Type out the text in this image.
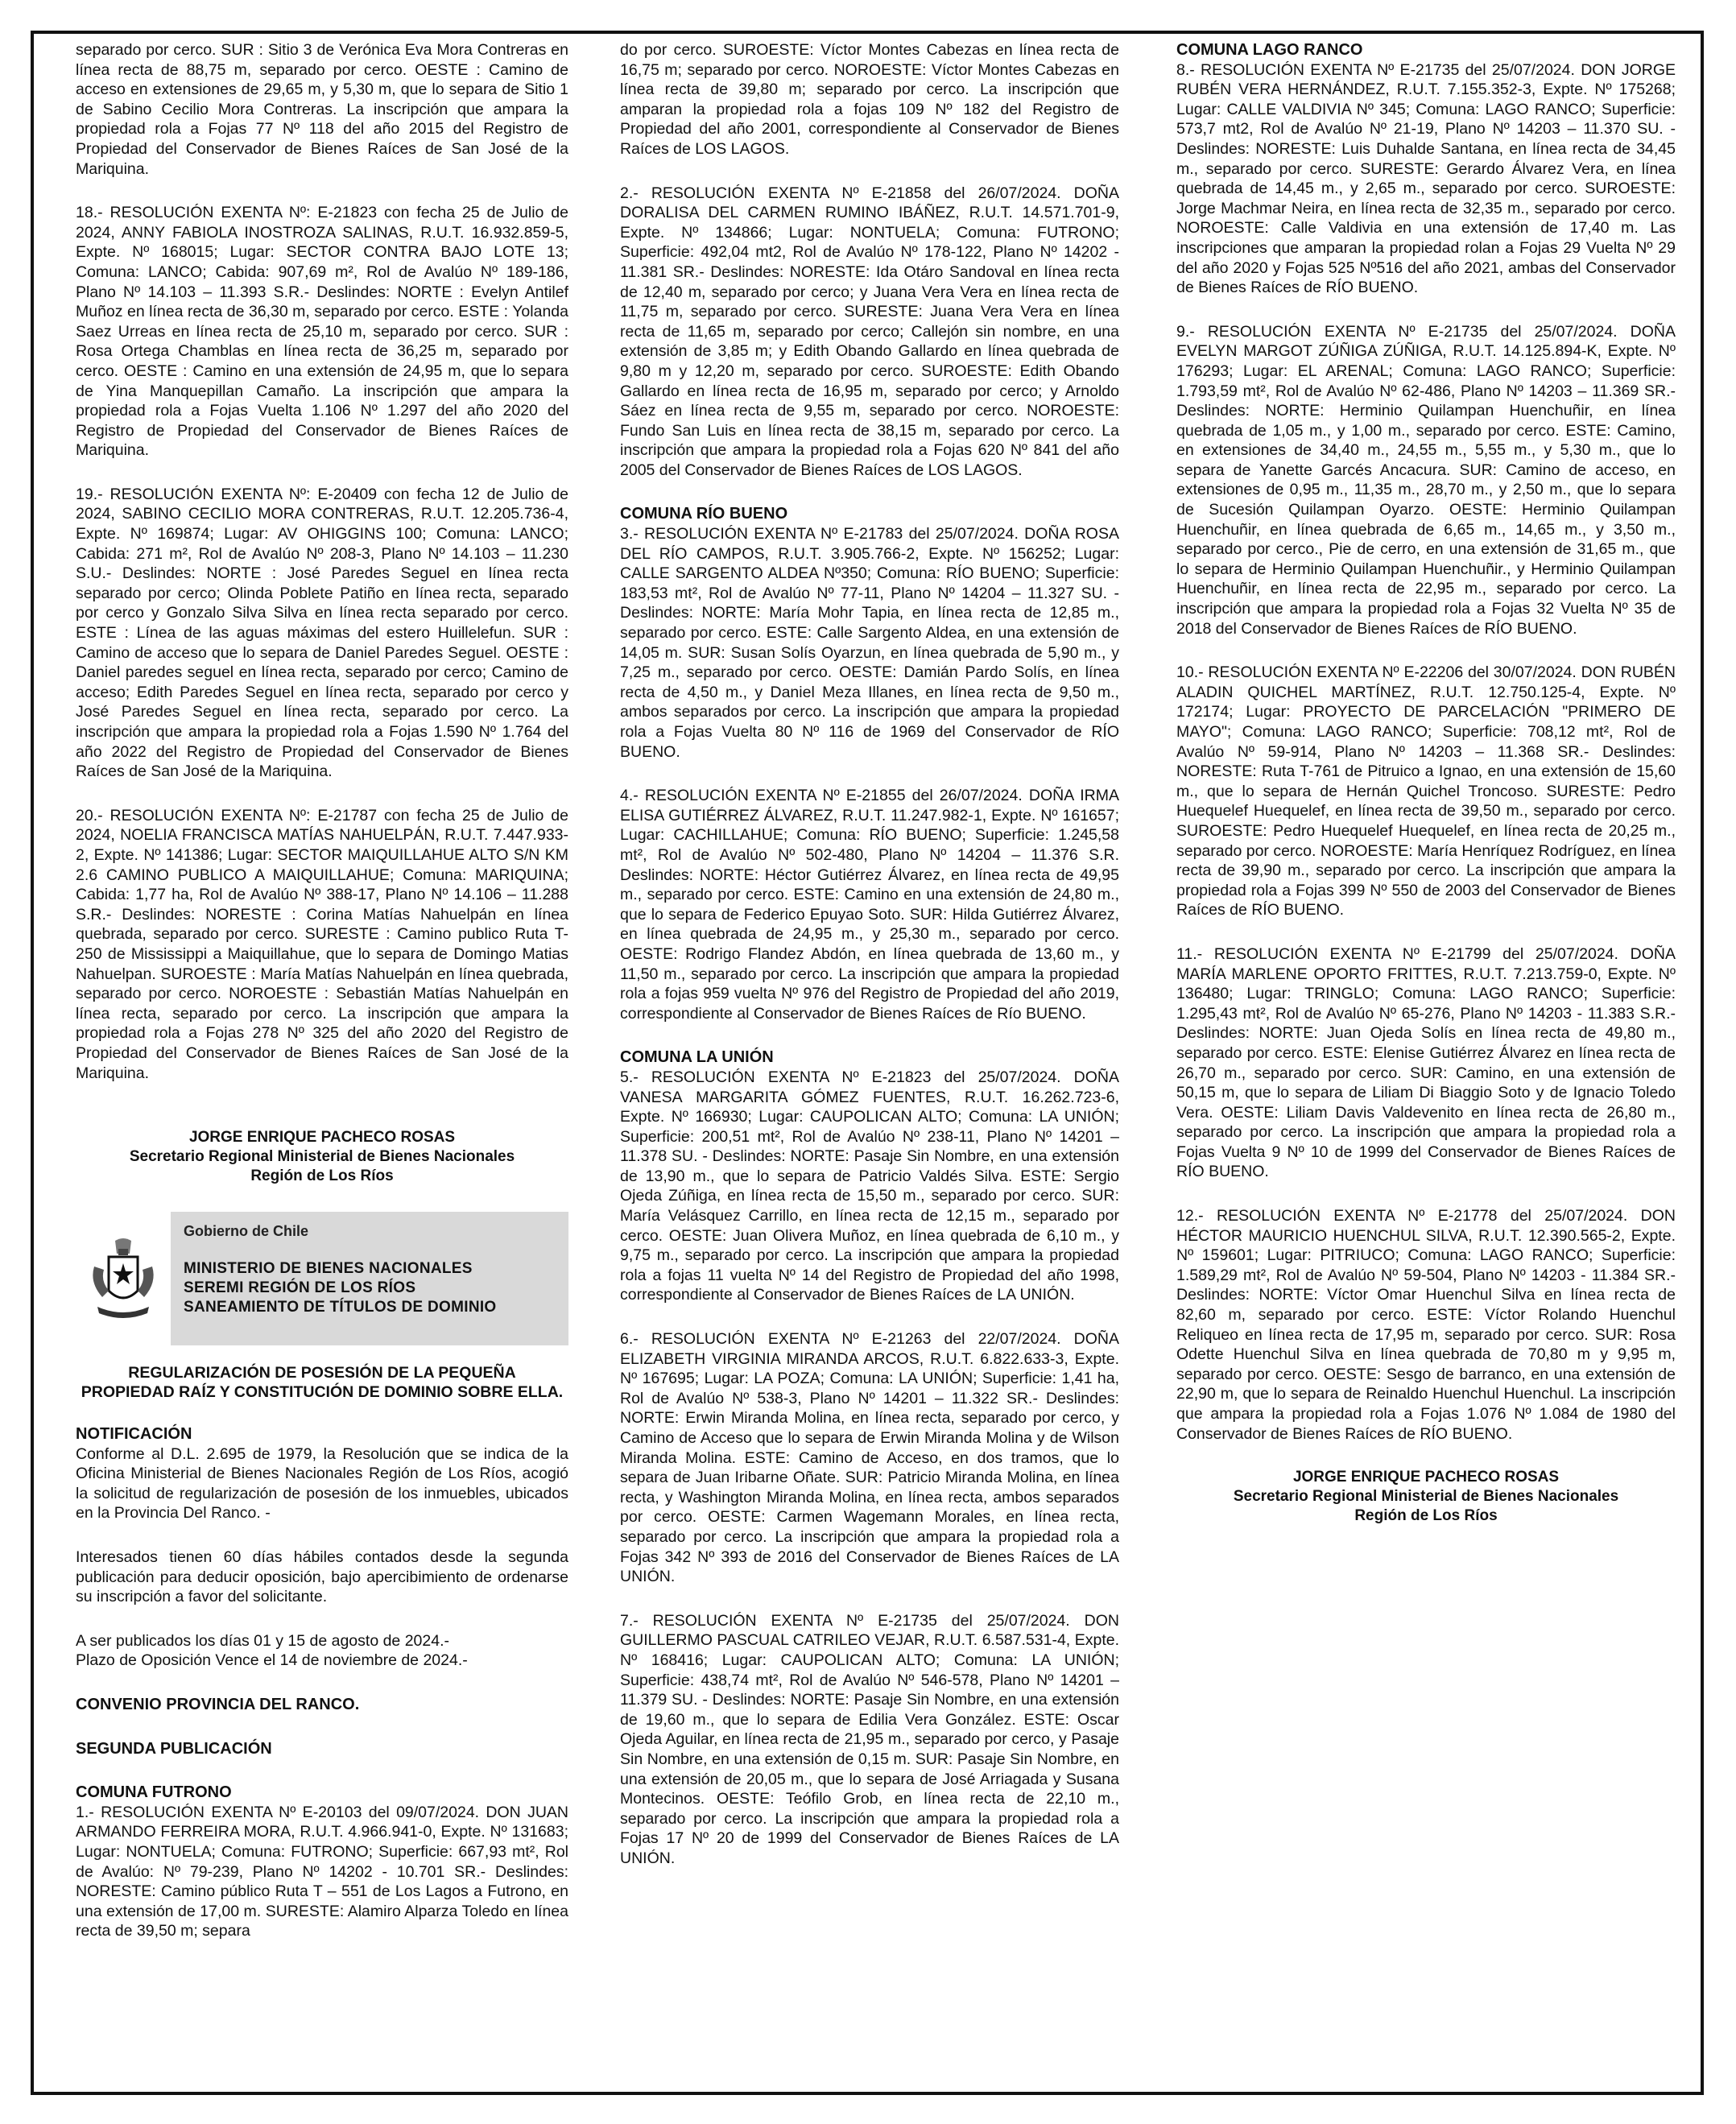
separado por cerco. SUR : Sitio 3 de Verónica Eva Mora Contreras en línea recta de 88,75 m, separado por cerco. OESTE : Camino de acceso en extensiones de 29,65 m, y 5,30 m, que lo separa de Sitio 1 de Sabino Cecilio Mora Contreras. La inscripción que ampara la propiedad rola a Fojas 77 Nº 118 del año 2015 del Registro de Propiedad del Conservador de Bienes Raíces de San José de la Mariquina.

18.- RESOLUCIÓN EXENTA Nº: E-21823 con fecha 25 de Julio de 2024, ANNY FABIOLA INOSTROZA SALINAS, R.U.T. 16.932.859-5, Expte. Nº 168015; Lugar: SECTOR CONTRA BAJO LOTE 13; Comuna: LANCO; Cabida: 907,69 m², Rol de Avalúo Nº 189-186, Plano Nº 14.103 – 11.393 S.R.- Deslindes: NORTE : Evelyn Antilef Muñoz en línea recta de 36,30 m, separado por cerco. ESTE : Yolanda Saez Urreas en línea recta de 25,10 m, separado por cerco. SUR : Rosa Ortega Chamblas en línea recta de 36,25 m, separado por cerco. OESTE : Camino en una extensión de 24,95 m, que lo separa de Yina Manquepillan Camaño. La inscripción que ampara la propiedad rola a Fojas Vuelta 1.106 Nº 1.297 del año 2020 del Registro de Propiedad del Conservador de Bienes Raíces de Mariquina.

19.- RESOLUCIÓN EXENTA Nº: E-20409 con fecha 12 de Julio de 2024, SABINO CECILIO MORA CONTRERAS, R.U.T. 12.205.736-4, Expte. Nº 169874; Lugar: AV OHIGGINS 100; Comuna: LANCO; Cabida: 271 m², Rol de Avalúo Nº 208-3, Plano Nº 14.103 – 11.230 S.U.- Deslindes: NORTE : José Paredes Seguel en línea recta separado por cerco; Olinda Poblete Patiño en línea recta, separado por cerco y Gonzalo Silva Silva en línea recta separado por cerco. ESTE : Línea de las aguas máximas del estero Huillelefun. SUR : Camino de acceso que lo separa de Daniel Paredes Seguel. OESTE : Daniel paredes seguel en línea recta, separado por cerco; Camino de acceso; Edith Paredes Seguel en línea recta, separado por cerco y José Paredes Seguel en línea recta, separado por cerco. La inscripción que ampara la propiedad rola a Fojas 1.590 Nº 1.764 del año 2022 del Registro de Propiedad del Conservador de Bienes Raíces de San José de la Mariquina.

20.- RESOLUCIÓN EXENTA Nº: E-21787 con fecha 25 de Julio de 2024, NOELIA FRANCISCA MATÍAS NAHUELPÁN, R.U.T. 7.447.933-2, Expte. Nº 141386; Lugar: SECTOR MAIQUILLAHUE ALTO S/N KM 2.6 CAMINO PUBLICO A MAIQUILLAHUE; Comuna: MARIQUINA; Cabida: 1,77 ha, Rol de Avalúo Nº 388-17, Plano Nº 14.106 – 11.288 S.R.- Deslindes: NORESTE : Corina Matías Nahuelpán en línea quebrada, separado por cerco. SURESTE : Camino publico Ruta T-250 de Mississippi a Maiquillahue, que lo separa de Domingo Matias Nahuelpan. SUROESTE : María Matías Nahuelpán en línea quebrada, separado por cerco. NOROESTE : Sebastián Matías Nahuelpán en línea recta, separado por cerco. La inscripción que ampara la propiedad rola a Fojas 278 Nº 325 del año 2020 del Registro de Propiedad del Conservador de Bienes Raíces de San José de la Mariquina.

JORGE ENRIQUE PACHECO ROSAS
Secretario Regional Ministerial de Bienes Nacionales
Región de Los Ríos
Gobierno de Chile
MINISTERIO DE BIENES NACIONALES
SEREMI REGIÓN DE LOS RÍOS
SANEAMIENTO DE TÍTULOS DE DOMINIO
REGULARIZACIÓN DE POSESIÓN DE LA PEQUEÑA
PROPIEDAD RAÍZ Y CONSTITUCIÓN DE DOMINIO SOBRE ELLA.
NOTIFICACIÓN

Conforme al D.L. 2.695 de 1979, la Resolución que se indica de la Oficina Ministerial de Bienes Nacionales Región de Los Ríos, acogió la solicitud de regularización de posesión de los inmuebles, ubicados en la Provincia Del Ranco. -

Interesados tienen 60 días hábiles contados desde la segunda publicación para deducir oposición, bajo apercibimiento de ordenarse su inscripción a favor del solicitante.

A ser publicados los días 01 y 15 de agosto de 2024.-
Plazo de Oposición Vence el 14 de noviembre de 2024.-

CONVENIO PROVINCIA DEL RANCO.
SEGUNDA PUBLICACIÓN
COMUNA FUTRONO

1.- RESOLUCIÓN EXENTA Nº E-20103 del 09/07/2024. DON JUAN ARMANDO FERREIRA MORA, R.U.T. 4.966.941-0, Expte. Nº 131683; Lugar: NONTUELA; Comuna: FUTRONO; Superficie: 667,93 mt², Rol de Avalúo: Nº 79-239, Plano Nº 14202 - 10.701 SR.- Deslindes: NORESTE: Camino público Ruta T – 551 de Los Lagos a Futrono, en una extensión de 17,00 m. SURESTE: Alamiro Alparza Toledo en línea recta de 39,50 m; separa

do por cerco. SUROESTE: Víctor Montes Cabezas en línea recta de 16,75 m; separado por cerco. NOROESTE: Víctor Montes Cabezas en línea recta de 39,80 m; separado por cerco. La inscripción que amparan la propiedad rola a fojas 109 Nº 182 del Registro de Propiedad del año 2001, correspondiente al Conservador de Bienes Raíces de LOS LAGOS.

2.- RESOLUCIÓN EXENTA Nº E-21858 del 26/07/2024. DOÑA DORALISA DEL CARMEN RUMINO IBÁÑEZ, R.U.T. 14.571.701-9, Expte. Nº 134866; Lugar: NONTUELA; Comuna: FUTRONO; Superficie: 492,04 mt2, Rol de Avalúo Nº 178-122, Plano Nº 14202 - 11.381 SR.- Deslindes: NORESTE: Ida Otáro Sandoval en línea recta de 12,40 m, separado por cerco; y Juana Vera Vera en línea recta de 11,75 m, separado por cerco. SURESTE: Juana Vera Vera en línea recta de 11,65 m, separado por cerco; Callejón sin nombre, en una extensión de 3,85 m; y Edith Obando Gallardo en línea quebrada de 9,80 m y 12,20 m, separado por cerco. SUROESTE: Edith Obando Gallardo en línea recta de 16,95 m, separado por cerco; y Arnoldo Sáez en línea recta de 9,55 m, separado por cerco. NOROESTE: Fundo San Luis en línea recta de 38,15 m, separado por cerco. La inscripción que ampara la propiedad rola a Fojas 620 Nº 841 del año 2005 del Conservador de Bienes Raíces de LOS LAGOS.

COMUNA RÍO BUENO

3.- RESOLUCIÓN EXENTA Nº E-21783 del 25/07/2024. DOÑA ROSA DEL RÍO CAMPOS, R.U.T. 3.905.766-2, Expte. Nº 156252; Lugar: CALLE SARGENTO ALDEA Nº350; Comuna: RÍO BUENO; Superficie: 183,53 mt², Rol de Avalúo Nº 77-11, Plano Nº 14204 – 11.327 SU. - Deslindes: NORTE: María Mohr Tapia, en línea recta de 12,85 m., separado por cerco. ESTE: Calle Sargento Aldea, en una extensión de 14,05 m. SUR: Susan Solís Oyarzun, en línea quebrada de 5,90 m., y 7,25 m., separado por cerco. OESTE: Damián Pardo Solís, en línea recta de 4,50 m., y Daniel Meza Illanes, en línea recta de 9,50 m., ambos separados por cerco. La inscripción que ampara la propiedad rola a Fojas Vuelta 80 Nº 116 de 1969 del Conservador de RÍO BUENO.

4.- RESOLUCIÓN EXENTA Nº E-21855 del 26/07/2024. DOÑA IRMA ELISA GUTIÉRREZ ÁLVAREZ, R.U.T. 11.247.982-1, Expte. Nº 161657; Lugar: CACHILLAHUE; Comuna: RÍO BUENO; Superficie: 1.245,58 mt², Rol de Avalúo Nº 502-480, Plano Nº 14204 – 11.376 S.R. Deslindes: NORTE: Héctor Gutiérrez Álvarez, en línea recta de 49,95 m., separado por cerco. ESTE: Camino en una extensión de 24,80 m., que lo separa de Federico Epuyao Soto. SUR: Hilda Gutiérrez Álvarez, en línea quebrada de 24,95 m., y 25,30 m., separado por cerco. OESTE: Rodrigo Flandez Abdón, en línea quebrada de 13,60 m., y 11,50 m., separado por cerco. La inscripción que ampara la propiedad rola a fojas 959 vuelta Nº 976 del Registro de Propiedad del año 2019, correspondiente al Conservador de Bienes Raíces de Río BUENO.

COMUNA LA UNIÓN

5.- RESOLUCIÓN EXENTA Nº E-21823 del 25/07/2024. DOÑA VANESA MARGARITA GÓMEZ FUENTES, R.U.T. 16.262.723-6, Expte. Nº 166930; Lugar: CAUPOLICAN ALTO; Comuna: LA UNIÓN; Superficie: 200,51 mt², Rol de Avalúo Nº 238-11, Plano Nº 14201 – 11.378 SU. - Deslindes: NORTE: Pasaje Sin Nombre, en una extensión de 13,90 m., que lo separa de Patricio Valdés Silva. ESTE: Sergio Ojeda Zúñiga, en línea recta de 15,50 m., separado por cerco. SUR: María Velásquez Carrillo, en línea recta de 12,15 m., separado por cerco. OESTE: Juan Olivera Muñoz, en línea quebrada de 6,10 m., y 9,75 m., separado por cerco. La inscripción que ampara la propiedad rola a fojas 11 vuelta Nº 14 del Registro de Propiedad del año 1998, correspondiente al Conservador de Bienes Raíces de LA UNIÓN.

6.- RESOLUCIÓN EXENTA Nº E-21263 del 22/07/2024. DOÑA ELIZABETH VIRGINIA MIRANDA ARCOS, R.U.T. 6.822.633-3, Expte. Nº 167695; Lugar: LA POZA; Comuna: LA UNIÓN; Superficie: 1,41 ha, Rol de Avalúo Nº 538-3, Plano Nº 14201 – 11.322 SR.- Deslindes: NORTE: Erwin Miranda Molina, en línea recta, separado por cerco, y Camino de Acceso que lo separa de Erwin Miranda Molina y de Wilson Miranda Molina. ESTE: Camino de Acceso, en dos tramos, que lo separa de Juan Iribarne Oñate. SUR: Patricio Miranda Molina, en línea recta, y Washington Miranda Molina, en línea recta, ambos separados por cerco. OESTE: Carmen Wagemann Morales, en línea recta, separado por cerco. La inscripción que ampara la propiedad rola a Fojas 342 Nº 393 de 2016 del Conservador de Bienes Raíces de LA UNIÓN.

7.- RESOLUCIÓN EXENTA Nº E-21735 del 25/07/2024. DON GUILLERMO PASCUAL CATRILEO VEJAR, R.U.T. 6.587.531-4, Expte. Nº 168416; Lugar: CAUPOLICAN ALTO; Comuna: LA UNIÓN; Superficie: 438,74 mt², Rol de Avalúo Nº 546-578, Plano Nº 14201 – 11.379 SU. - Deslindes: NORTE: Pasaje Sin Nombre, en una extensión de 19,60 m., que lo separa de Edilia Vera González. ESTE: Oscar Ojeda Aguilar, en línea recta de 21,95 m., separado por cerco, y Pasaje Sin Nombre, en una extensión de 0,15 m. SUR: Pasaje Sin Nombre, en una extensión de 20,05 m., que lo separa de José Arriagada y Susana Montecinos. OESTE: Teófilo Grob, en línea recta de 22,10 m., separado por cerco. La inscripción que ampara la propiedad rola a Fojas 17 Nº 20 de 1999 del Conservador de Bienes Raíces de LA UNIÓN.

COMUNA LAGO RANCO

8.- RESOLUCIÓN EXENTA Nº E-21735 del 25/07/2024. DON JORGE RUBÉN VERA HERNÁNDEZ, R.U.T. 7.155.352-3, Expte. Nº 175268; Lugar: CALLE VALDIVIA Nº 345; Comuna: LAGO RANCO; Superficie: 573,7 mt2, Rol de Avalúo Nº 21-19, Plano Nº 14203 – 11.370 SU. - Deslindes: NORESTE: Luis Duhalde Santana, en línea recta de 34,45 m., separado por cerco. SURESTE: Gerardo Álvarez Vera, en línea quebrada de 14,45 m., y 2,65 m., separado por cerco. SUROESTE: Jorge Machmar Neira, en línea recta de 32,35 m., separado por cerco. NOROESTE: Calle Valdivia en una extensión de 17,40 m. Las inscripciones que amparan la propiedad rolan a Fojas 29 Vuelta Nº 29 del año 2020 y Fojas 525 Nº516 del año 2021, ambas del Conservador de Bienes Raíces de RÍO BUENO.

9.- RESOLUCIÓN EXENTA Nº E-21735 del 25/07/2024. DOÑA EVELYN MARGOT ZÚÑIGA ZÚÑIGA, R.U.T. 14.125.894-K, Expte. Nº 176293; Lugar: EL ARENAL; Comuna: LAGO RANCO; Superficie: 1.793,59 mt², Rol de Avalúo Nº 62-486, Plano Nº 14203 – 11.369 SR.- Deslindes: NORTE: Herminio Quilampan Huenchuñir, en línea quebrada de 1,05 m., y 1,00 m., separado por cerco. ESTE: Camino, en extensiones de 34,40 m., 24,55 m., 5,55 m., y 5,30 m., que lo separa de Yanette Garcés Ancacura. SUR: Camino de acceso, en extensiones de 0,95 m., 11,35 m., 28,70 m., y 2,50 m., que lo separa de Sucesión Quilampan Oyarzo. OESTE: Herminio Quilampan Huenchuñir, en línea quebrada de 6,65 m., 14,65 m., y 3,50 m., separado por cerco., Pie de cerro, en una extensión de 31,65 m., que lo separa de Herminio Quilampan Huenchuñir., y Herminio Quilampan Huenchuñir, en línea recta de 22,95 m., separado por cerco. La inscripción que ampara la propiedad rola a Fojas 32 Vuelta Nº 35 de 2018 del Conservador de Bienes Raíces de RÍO BUENO.

10.- RESOLUCIÓN EXENTA Nº E-22206 del 30/07/2024. DON RUBÉN ALADIN QUICHEL MARTÍNEZ, R.U.T. 12.750.125-4, Expte. Nº 172174; Lugar: PROYECTO DE PARCELACIÓN "PRIMERO DE MAYO"; Comuna: LAGO RANCO; Superficie: 708,12 mt², Rol de Avalúo Nº 59-914, Plano Nº 14203 – 11.368 SR.- Deslindes: NORESTE: Ruta T-761 de Pitruico a Ignao, en una extensión de 15,60 m., que lo separa de Hernán Quichel Troncoso. SURESTE: Pedro Huequelef Huequelef, en línea recta de 39,50 m., separado por cerco. SUROESTE: Pedro Huequelef Huequelef, en línea recta de 20,25 m., separado por cerco. NOROESTE: María Henríquez Rodríguez, en línea recta de 39,90 m., separado por cerco. La inscripción que ampara la propiedad rola a Fojas 399 Nº 550 de 2003 del Conservador de Bienes Raíces de RÍO BUENO.

11.- RESOLUCIÓN EXENTA Nº E-21799 del 25/07/2024. DOÑA MARÍA MARLENE OPORTO FRITTES, R.U.T. 7.213.759-0, Expte. Nº 136480; Lugar: TRINGLO; Comuna: LAGO RANCO; Superficie: 1.295,43 mt², Rol de Avalúo Nº 65-276, Plano Nº 14203 - 11.383 S.R.- Deslindes: NORTE: Juan Ojeda Solís en línea recta de 49,80 m., separado por cerco. ESTE: Elenise Gutiérrez Álvarez en línea recta de 26,70 m., separado por cerco. SUR: Camino, en una extensión de 50,15 m, que lo separa de Liliam Di Biaggio Soto y de Ignacio Toledo Vera. OESTE: Liliam Davis Valdevenito en línea recta de 26,80 m., separado por cerco. La inscripción que ampara la propiedad rola a Fojas Vuelta 9 Nº 10 de 1999 del Conservador de Bienes Raíces de RÍO BUENO.

12.- RESOLUCIÓN EXENTA Nº E-21778 del 25/07/2024. DON HÉCTOR MAURICIO HUENCHUL SILVA, R.U.T. 12.390.565-2, Expte. Nº 159601; Lugar: PITRIUCO; Comuna: LAGO RANCO; Superficie: 1.589,29 mt², Rol de Avalúo Nº 59-504, Plano Nº 14203 - 11.384 SR.- Deslindes: NORTE: Víctor Omar Huenchul Silva en línea recta de 82,60 m, separado por cerco. ESTE: Víctor Rolando Huenchul Reliqueo en línea recta de 17,95 m, separado por cerco. SUR: Rosa Odette Huenchul Silva en línea quebrada de 70,80 m y 9,95 m, separado por cerco. OESTE: Sesgo de barranco, en una extensión de 22,90 m, que lo separa de Reinaldo Huenchul Huenchul. La inscripción que ampara la propiedad rola a Fojas 1.076 Nº 1.084 de 1980 del Conservador de Bienes Raíces de RÍO BUENO.

JORGE ENRIQUE PACHECO ROSAS
Secretario Regional Ministerial de Bienes Nacionales
Región de Los Ríos
